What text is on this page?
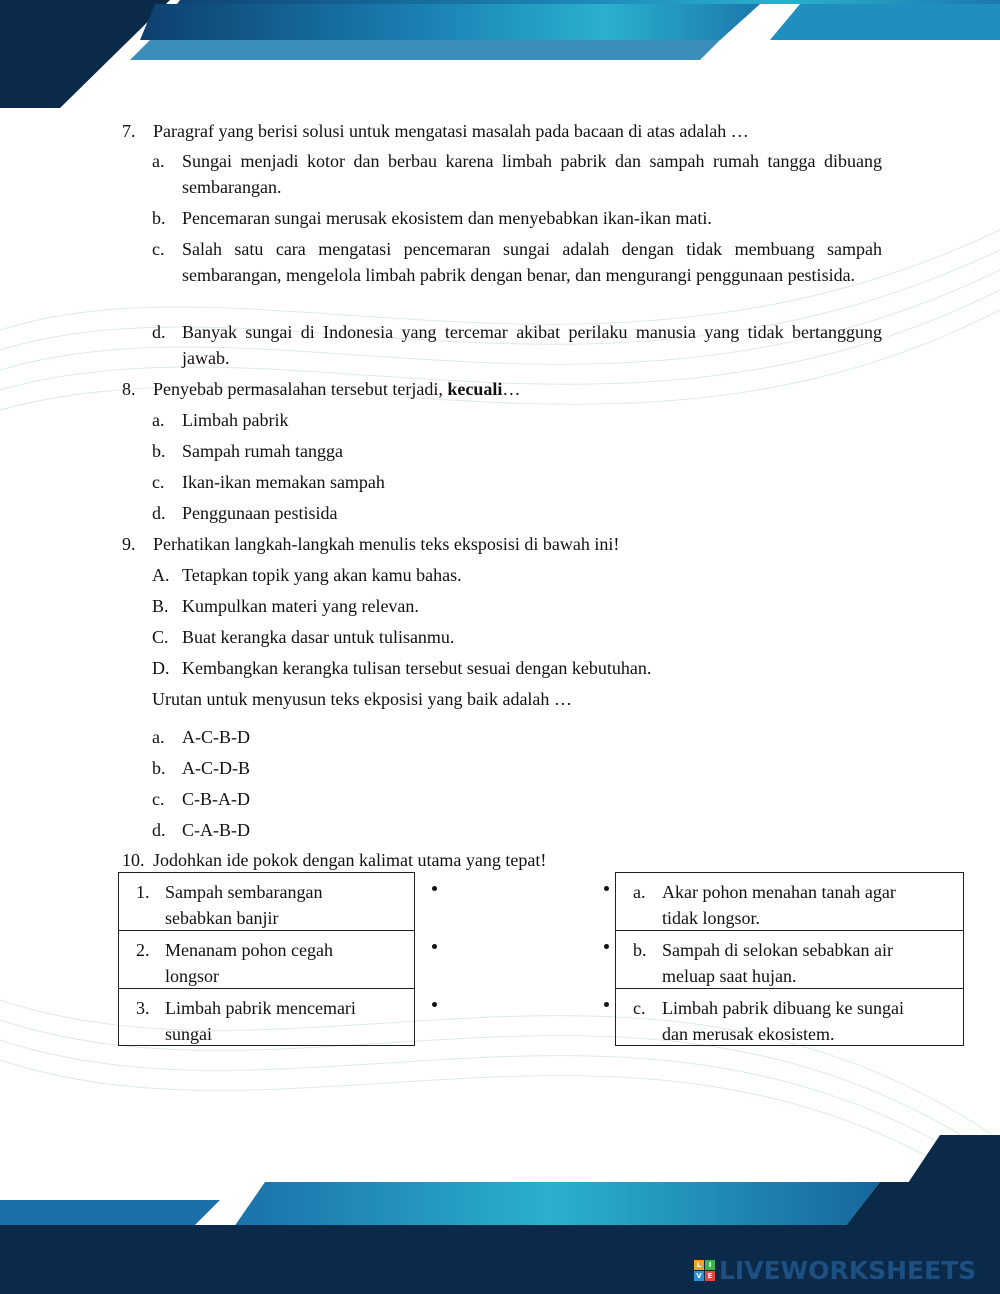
7. Paragraf yang berisi solusi untuk mengatasi masalah pada bacaan di atas adalah …
a. Sungai menjadi kotor dan berbau karena limbah pabrik dan sampah rumah tangga dibuang sembarangan.
b. Pencemaran sungai merusak ekosistem dan menyebabkan ikan-ikan mati.
c. Salah satu cara mengatasi pencemaran sungai adalah dengan tidak membuang sampah sembarangan, mengelola limbah pabrik dengan benar, dan mengurangi penggunaan pestisida.
d. Banyak sungai di Indonesia yang tercemar akibat perilaku manusia yang tidak bertanggung jawab.
8. Penyebab permasalahan tersebut terjadi, kecuali…
a. Limbah pabrik
b. Sampah rumah tangga
c. Ikan-ikan memakan sampah
d. Penggunaan pestisida
9. Perhatikan langkah-langkah menulis teks eksposisi di bawah ini!
A. Tetapkan topik yang akan kamu bahas.
B. Kumpulkan materi yang relevan.
C. Buat kerangka dasar untuk tulisanmu.
D. Kembangkan kerangka tulisan tersebut sesuai dengan kebutuhan.
Urutan untuk menyusun teks ekposisi yang baik adalah …
a. A-C-B-D
b. A-C-D-B
c. C-B-A-D
d. C-A-B-D
10. Jodohkan ide pokok dengan kalimat utama yang tepat!
1. Sampah sembarangan
sebabkan banjir
2. Menanam pohon cegah
longsor
3. Limbah pabrik mencemari
sungai
a. Akar pohon menahan tanah agar
tidak longsor.
b. Sampah di selokan sebabkan air
meluap saat hujan.
c. Limbah pabrik dibuang ke sungai
dan merusak ekosistem.
L	I
V E LIVEWORKSHEETS
